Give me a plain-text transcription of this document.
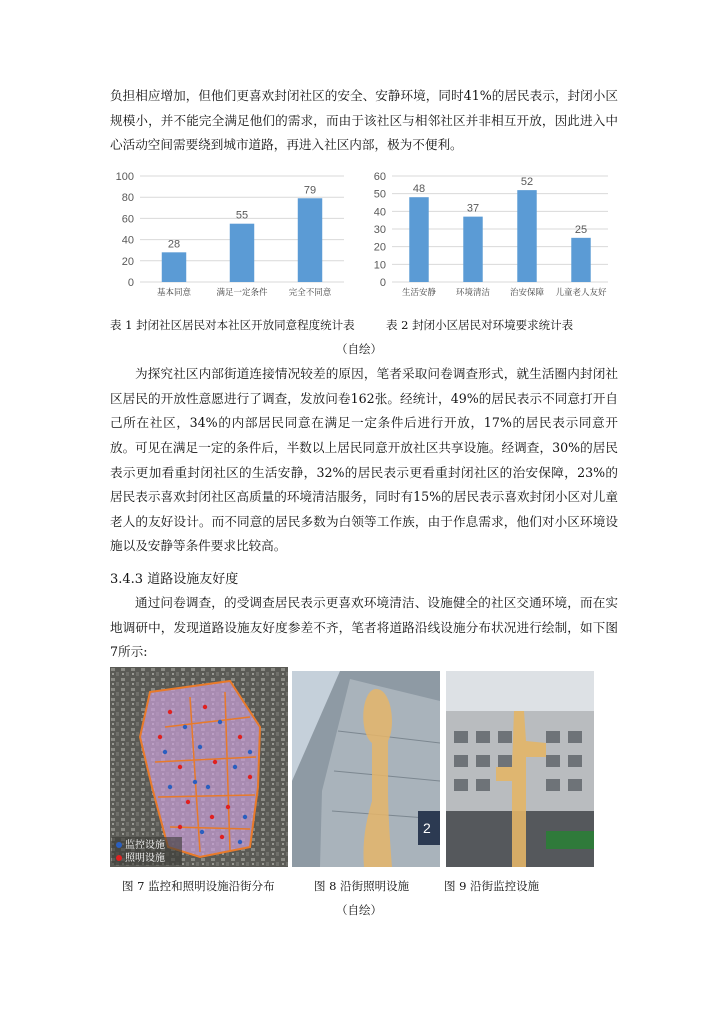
负担相应增加，但他们更喜欢封闭社区的安全、安静环境，同时41%的居民表示，封闭小区规模小，并不能完全满足他们的需求，而由于该社区与相邻社区并非相互开放，因此进入中心活动空间需要绕到城市道路，再进入社区内部，极为不便利。

0
20
40
60
80
100
28
基本同意
55
满足一定条件
79
完全不同意
0
10
20
30
40
50
60
48
生活安静
37
环境清洁
52
治安保障
25
儿童老人友好
表 1 封闭社区居民对本社区开放同意程度统计表	表 2 封闭小区居民对环境要求统计表
（自绘）

为探究社区内部街道连接情况较差的原因，笔者采取问卷调查形式，就生活圈内封闭社区居民的开放性意愿进行了调查，发放问卷162张。经统计，49%的居民表示不同意打开自己所在社区，34%的内部居民同意在满足一定条件后进行开放，17%的居民表示同意开放。 可见在满足一定的条件后，半数以上居民同意开放社区共享设施。经调查，30%的居民表示更加看重封闭社区的生活安静，32%的居民表示更看重封闭社区的治安保障，23%的居民表示喜欢封闭社区高质量的环境清洁服务，同时有15%的居民表示喜欢封闭小区对儿童老人的友好设计。而不同意的居民多数为白领等工作族，由于作息需求，他们对小区环境设施以及安静等条件要求比较高。

3.4.3 道路设施友好度

通过问卷调查，的受调查居民表示更喜欢环境清洁、设施健全的社区交通环境，而在实地调研中，发现道路设施友好度参差不齐，笔者将道路沿线设施分布状况进行绘制，如下图7所示:

监控设施
照明设施
2
图 7 监控和照明设施沿街分布	图 8 沿街照明设施	图 9 沿街监控设施
（自绘）
